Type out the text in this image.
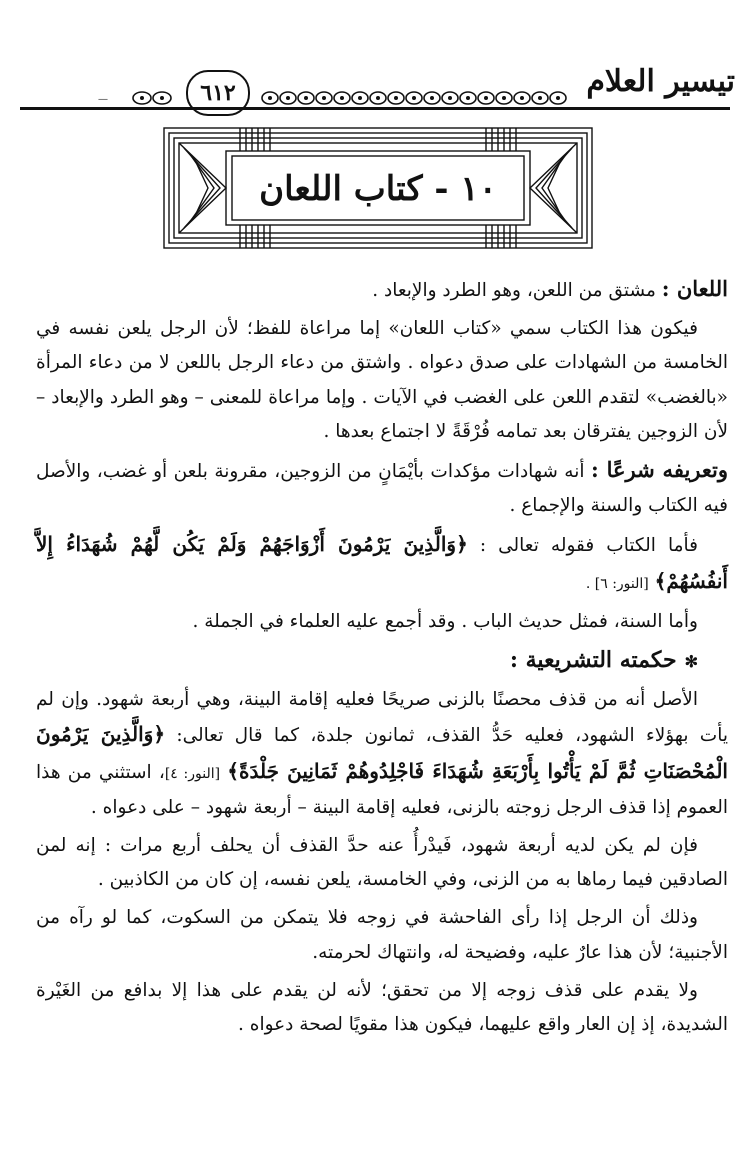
تيسير العلام
٦١٢
—
١٠ - كتاب اللعان

اللعان : مشتق من اللعن، وهو الطرد والإبعاد .

فيكون هذا الكتاب سمي «كتاب اللعان» إما مراعاة للفظ؛ لأن الرجل يلعن نفسه في الخامسة من الشهادات على صدق دعواه . واشتق من دعاء الرجل باللعن لا من دعاء المرأة «بالغضب» لتقدم اللعن على الغضب في الآيات . وإما مراعاة للمعنى – وهو الطرد والإبعاد – لأن الزوجين يفترقان بعد تمامه فُرْقَةً لا اجتماع بعدها .

وتعريفه شرعًا : أنه شهادات مؤكدات بأيْمَانٍ من الزوجين، مقرونة بلعن أو غضب، والأصل فيه الكتاب والسنة والإجماع .

فأما الكتاب فقوله تعالى : ﴿وَالَّذِينَ يَرْمُونَ أَزْوَاجَهُمْ وَلَمْ يَكُن لَّهُمْ شُهَدَاءُ إِلاَّ أَنفُسُهُمْ﴾ [النور: ٦] .

وأما السنة، فمثل حديث الباب . وقد أجمع عليه العلماء في الجملة .

✻حكمته التشريعية :

الأصل أنه من قذف محصنًا بالزنى صريحًا فعليه إقامة البينة، وهي أربعة شهود. وإن لم يأت بهؤلاء الشهود، فعليه حَدُّ القذف، ثمانون جلدة، كما قال تعالى: ﴿وَالَّذِينَ يَرْمُونَ الْمُحْصَنَاتِ ثُمَّ لَمْ يَأْتُوا بِأَرْبَعَةِ شُهَدَاءَ فَاجْلِدُوهُمْ ثَمَانِينَ جَلْدَةً﴾ [النور: ٤]، استثني من هذا العموم إذا قذف الرجل زوجته بالزنى، فعليه إقامة البينة – أربعة شهود – على دعواه .

فإن لم يكن لديه أربعة شهود، فَيدْرأُ عنه حدَّ القذف أن يحلف أربع مرات : إنه لمن الصادقين فيما رماها به من الزنى، وفي الخامسة، يلعن نفسه، إن كان من الكاذبين .

وذلك أن الرجل إذا رأى الفاحشة في زوجه فلا يتمكن من السكوت، كما لو رآه من الأجنبية؛ لأن هذا عارٌ عليه، وفضيحة له، وانتهاك لحرمته.

ولا يقدم على قذف زوجه إلا من تحقق؛ لأنه لن يقدم على هذا إلا بدافع من الغَيْرة الشديدة، إذ إن العار واقع عليهما، فيكون هذا مقويًا لصحة دعواه .
